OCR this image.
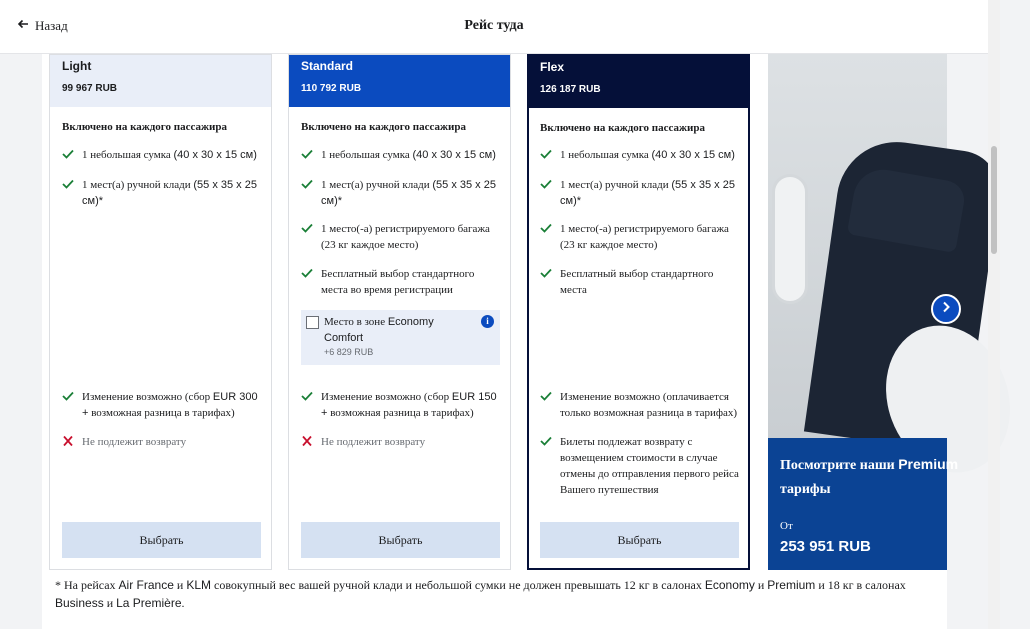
Назад	Рейс туда
Light
99 967 RUB
Включено на каждого пассажира
1 небольшая сумка (40 x 30 x 15 см)
1 мест(а) ручной клади (55 x 35 x 25 см)*
Изменение возможно (сбор EUR 300 + возможная разница в тарифах)
Не подлежит возврату
Выбрать
Standard
110 792 RUB
Включено на каждого пассажира
1 небольшая сумка (40 x 30 x 15 см)
1 мест(а) ручной клади (55 x 35 x 25 см)*
1 место(-а) регистрируемого багажа (23 кг каждое место)
Бесплатный выбор стандартного места во время регистрации
Место в зоне Economy Comfort
+6 829 RUB
i
Изменение возможно (сбор EUR 150 + возможная разница в тарифах)
Не подлежит возврату
Выбрать
Flex
126 187 RUB
Включено на каждого пассажира
1 небольшая сумка (40 x 30 x 15 см)
1 мест(а) ручной клади (55 x 35 x 25 см)*
1 место(-а) регистрируемого багажа (23 кг каждое место)
Бесплатный выбор стандартного места
Изменение возможно (оплачивается только возможная разница в тарифах)
Билеты подлежат возврату с возмещением стоимости в случае отмены до отправления первого рейса Вашего путешествия
Выбрать
Посмотрите наши Premium тарифы
От
253 951 RUB
* На рейсах Air France и KLM совокупный вес вашей ручной клади и небольшой сумки не должен превышать 12 кг в салонах Economy и Premium и 18 кг в салонах Business и La Première.
